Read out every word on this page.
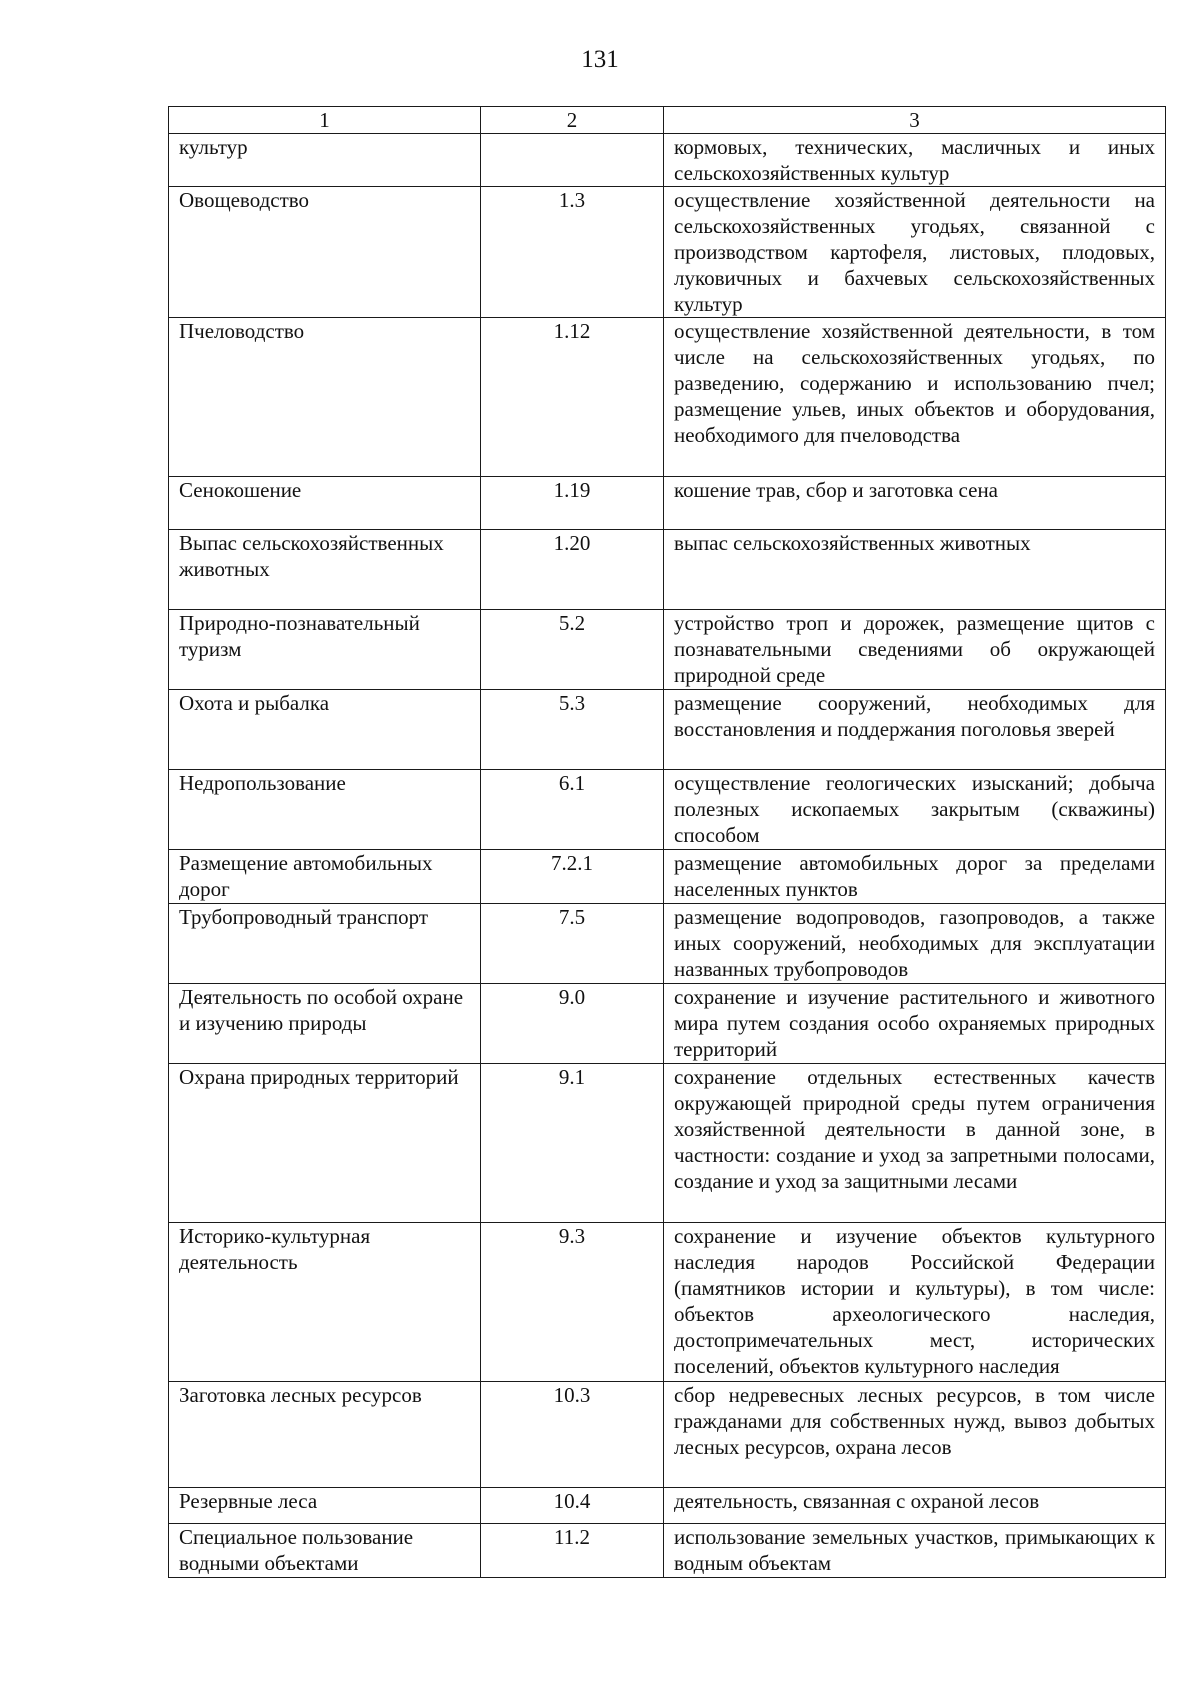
131
1	2	3
культур		кормовых, технических, масличных и иных сельскохозяйственных культур
Овощеводство	1.3	осуществление хозяйственной деятельности на сельскохозяйственных угодьях, связанной с производством картофеля, листовых, плодовых, луковичных и бахчевых сельскохозяйственных культур
Пчеловодство	1.12	осуществление хозяйственной деятельности, в том числе на сельскохозяйственных угодьях, по разведению, содержанию и использованию пчел; размещение ульев, иных объектов и оборудования, необходимого для пчеловодства
Сенокошение	1.19	кошение трав, сбор и заготовка сена
Выпас сельскохозяйственных животных	1.20	выпас сельскохозяйственных животных
Природно-познавательный туризм	5.2	устройство троп и дорожек, размещение щитов с познавательными сведениями об окружающей природной среде
Охота и рыбалка	5.3	размещение сооружений, необходимых для восстановления и поддержания поголовья зверей
Недропользование	6.1	осуществление геологических изысканий; добыча полезных ископаемых закрытым (скважины) способом
Размещение автомобильных дорог	7.2.1	размещение автомобильных дорог за пределами населенных пунктов
Трубопроводный транспорт	7.5	размещение водопроводов, газопроводов, а также иных сооружений, необходимых для эксплуатации названных трубопроводов
Деятельность по особой охране и изучению природы	9.0	сохранение и изучение растительного и животного мира путем создания особо охраняемых природных территорий
Охрана природных территорий	9.1	сохранение отдельных естественных качеств окружающей природной среды путем ограничения хозяйственной деятельности в данной зоне, в частности: создание и уход за запретными полосами, создание и уход за защитными лесами
Историко-культурная деятельность	9.3	сохранение и изучение объектов культурного наследия народов Российской Федерации (памятников истории и культуры), в том числе: объектов археологического наследия, достопримечательных мест, исторических поселений, объектов культурного наследия
Заготовка лесных ресурсов	10.3	сбор недревесных лесных ресурсов, в том числе гражданами для собственных нужд, вывоз добытых лесных ресурсов, охрана лесов
Резервные леса	10.4	деятельность, связанная с охраной лесов
Специальное пользование водными объектами	11.2	использование земельных участков, примыкающих к водным объектам
